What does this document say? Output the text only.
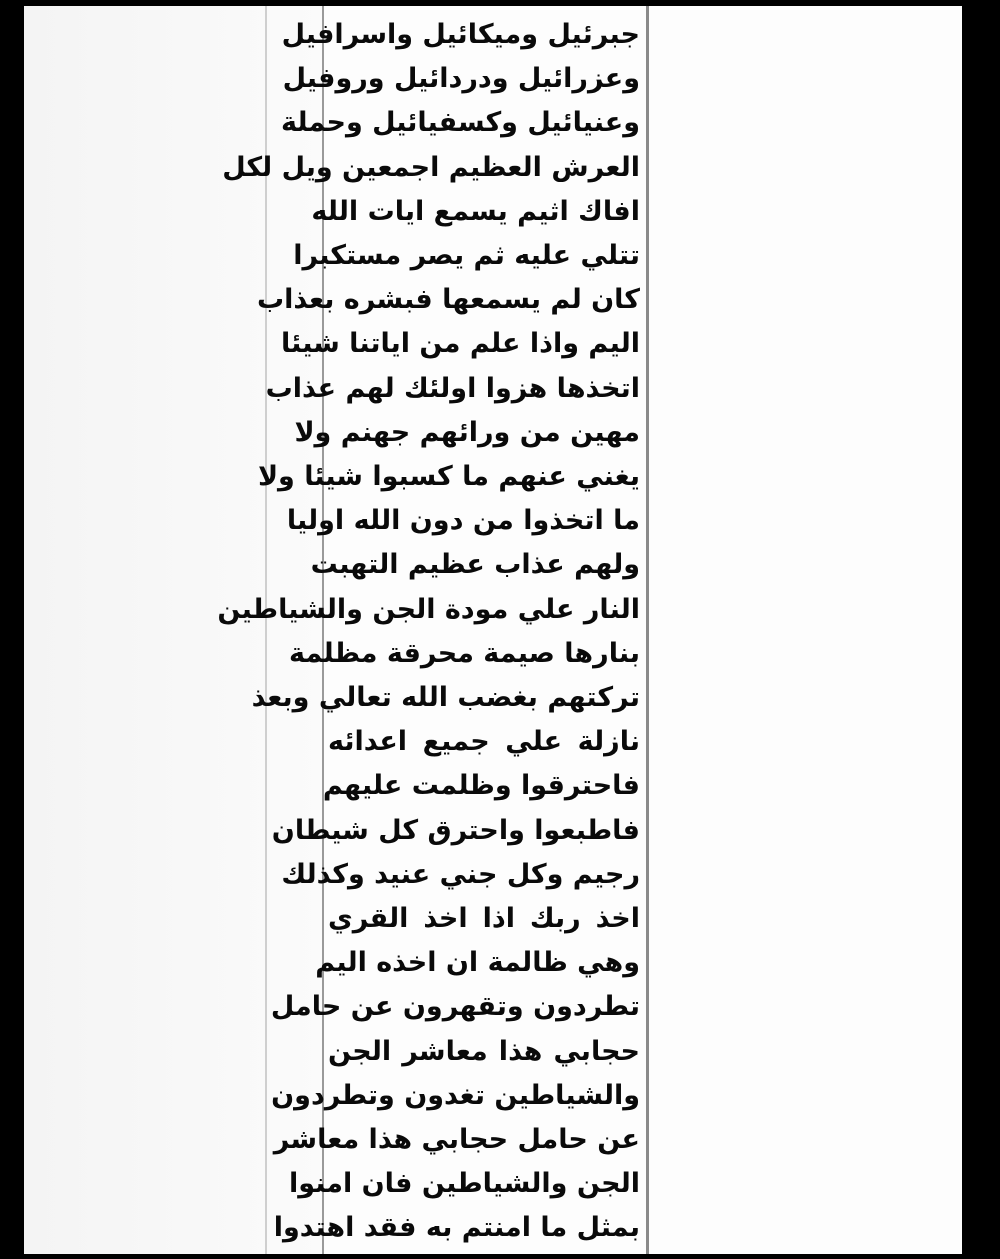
جبرئيل وميكائيل واسرافيل
وعزرائيل ودردائيل وروفيل
وعنيائيل وكسفيائيل وحملة
العرش العظيم اجمعين ويل لكل
افاك اثيم يسمع ايات الله
تتلي عليه ثم يصر مستكبرا
كان لم يسمعها فبشره بعذاب
اليم واذا علم من اياتنا شيئا
اتخذها هزوا اولئك لهم عذاب
مهين من ورائهم جهنم ولا
يغني عنهم ما كسبوا شيئا ولا
ما اتخذوا من دون الله اوليا
ولهم عذاب عظيم التهبت
النار علي مودة الجن والشياطين
بنارها صيمة محرقة مظلمة
تركتهم بغضب الله تعالي وبعذ
نازلة علي جميع اعدائه
فاحترقوا وظلمت عليهم
فاطبعوا واحترق كل شيطان
رجيم وكل جني عنيد وكذلك
اخذ ربك اذا اخذ القري
وهي ظالمة ان اخذه اليم
تطردون وتقهرون عن حامل
حجابي هذا معاشر الجن
والشياطين تغدون وتطردون
عن حامل حجابي هذا معاشر
الجن والشياطين فان امنوا
بمثل ما امنتم به فقد اهتدوا
